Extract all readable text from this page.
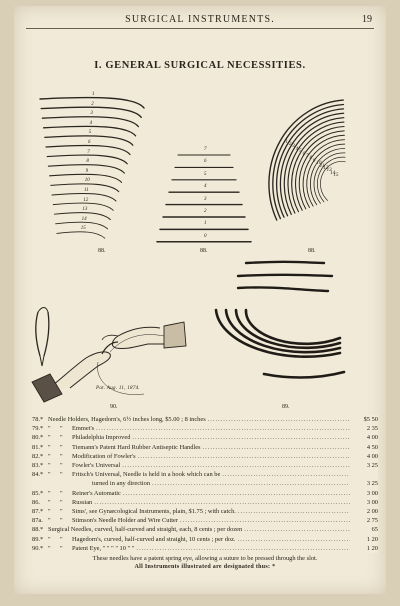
SURGICAL INSTRUMENTS.	19
I. GENERAL SURGICAL NECESSITIES.
1
2
3
4
5
6
7
8
9
10
11
12
13
14
15
7
6
5
4
3
2
1
0
1 2 3 4 5 6 7 8 9 10
11
12
13
14
15
88.	88.	88.
Pat. Aug. 11, 1874.
90.	89.
78.* Needle Holders, Hagedorn's, 6½ inches long, $5.00 ; 8 inches .....	$5 50
79.* " "	Emmet's .....	2 35
80.* " "	Philadelphia Improved .....	4 00
81.* " "	Tiemann's Patent Hard Rubber Antiseptic Handles .....	4 50
82.* " "	Modification of Fowler's .....	4 00
83.* " "	Fowler's Universal .....	3 25
84.* " "	Fritsch's Universal, Needle is held in a hook which can be .....
turned in any direction .....	3 25
85.* " "	Reiner's Automatic .....	3 00
86.	" "	Russian .....	3 00
87.* " "	Sims', see Gynæcological Instruments, plain, $1.75 ; with catch. .....	2 00
87a. " "	Stimson's Needle Holder and Wire Cutter .....	2 75
88.* Surgical Needles, curved, half-curved and straight, each, 8 cents ; per dozen .....	65
89.* " "	Hagedorn's, curved, half-curved and straight, 10 cents ; per doz. .....	1 20
90.* " "	Patent Eye, " " " " 10 " " .....	1 20
These needles have a patent spring eye, allowing a suture to be pressed through the slot.
All Instruments illustrated are designated thus: *
